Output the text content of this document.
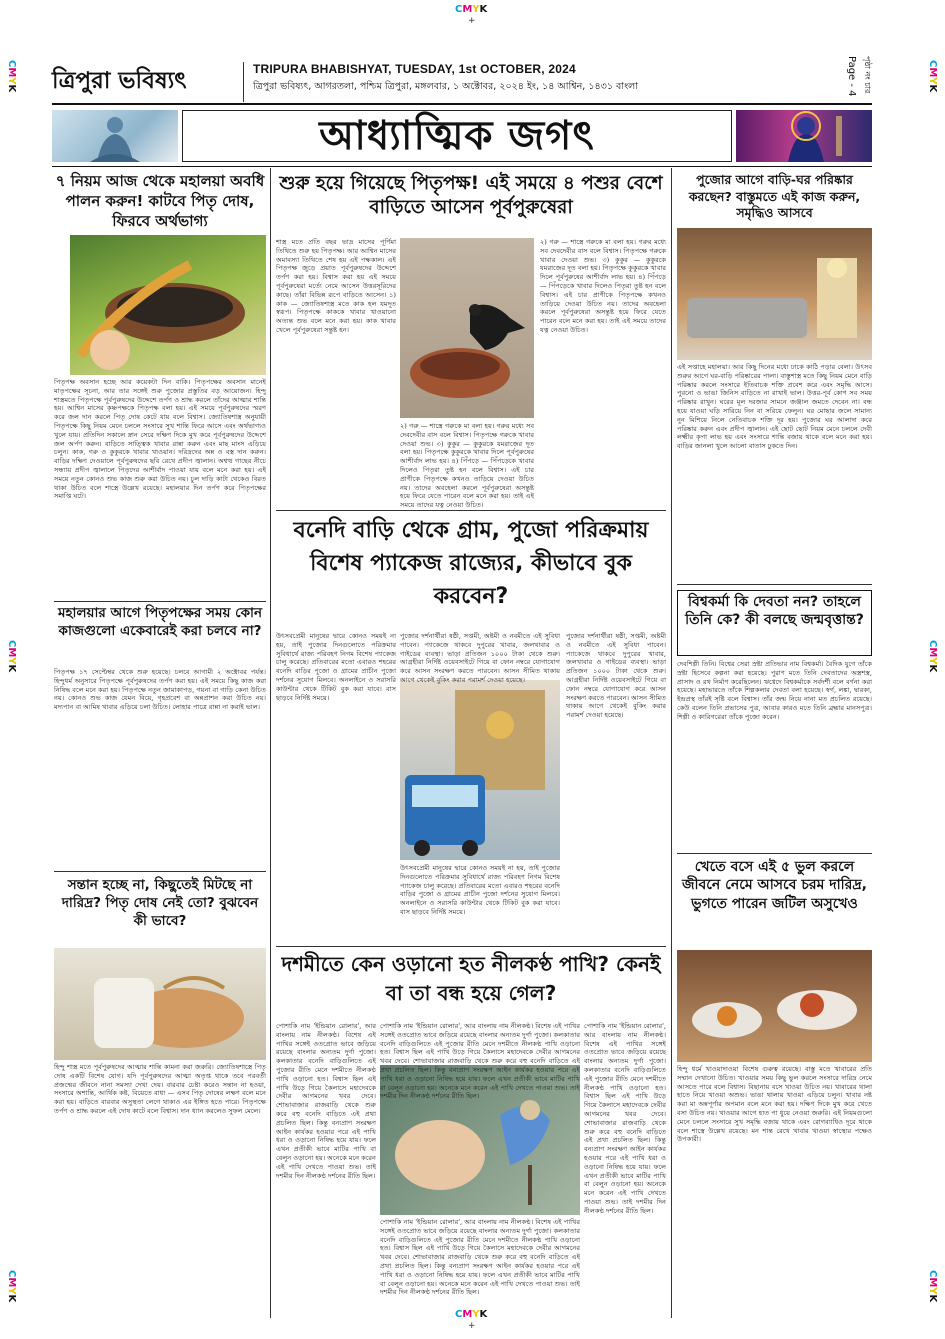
CMYK
+
CMYK
+
CMYK
CMYK
CMYK
CMYK
CMYK
CMYK
ত্রিপুরা ভবিষ্যৎ	TRIPURA BHABISHYAT, TUESDAY, 1st OCTOBER, 2024
ত্রিপুরা ভবিষ্যৎ, আগরতলা, পশ্চিম ত্রিপুরা, মঙ্গলবার, ১ অক্টোবর, ২০২৪ ইং, ১৪ আশ্বিন, ১৪৩১ বাংলা	Page - 4 পৃষ্ঠা নং চার
আধ্যাত্মিক জগৎ
৭ নিয়ম আজ থেকে মহালয়া অবধি পালন করুন! কাটবে পিতৃ দোষ, ফিরবে অর্থভাগ্য
পিতৃপক্ষ অবসান হচ্ছে আর কয়েকটা দিন বাকি। পিতৃপক্ষের অবসান মানেই মাতৃপক্ষের সূচনা, আর তার সঙ্গেই শুরু পুজোর প্রস্তুতির বড় আয়োজন। হিন্দু শাস্ত্রমতে পিতৃপক্ষে পূর্বপুরুষদের উদ্দেশে তর্পণ ও শ্রাদ্ধ করলে তাঁদের আত্মার শান্তি হয়। আশ্বিন মাসের কৃষ্ণপক্ষকে পিতৃপক্ষ বলা হয়। এই সময়ে পূর্বপুরুষদের স্মরণ করে জল দান করলে পিতৃ দোষ কেটে যায় বলে বিশ্বাস। জ্যোতিষশাস্ত্র অনুযায়ী পিতৃপক্ষে কিছু নিয়ম মেনে চললে সংসারে সুখ শান্তি ফিরে আসে এবং অর্থভাগ্যও খুলে যায়। প্রতিদিন সকালে স্নান সেরে দক্ষিণ দিকে মুখ করে পূর্বপুরুষদের উদ্দেশে জল অর্পণ করুন। বাড়িতে সাত্ত্বিক খাবার রান্না করুন এবং মাছ মাংস এড়িয়ে চলুন। কাক, গরু ও কুকুরকে খাবার খাওয়ান। দরিদ্রদের অন্ন ও বস্ত্র দান করুন। বাড়ির দক্ষিণ দেওয়ালে পূর্বপুরুষদের ছবি রেখে প্রদীপ জ্বালান। অশ্বত্থ গাছের নীচে সন্ধ্যায় প্রদীপ জ্বালালে পিতৃদের আশীর্বাদ পাওয়া যায় বলে মনে করা হয়। এই সময়ে নতুন কোনও শুভ কাজ শুরু করা উচিত নয়। চুল দাড়ি কাটা থেকেও বিরত থাকা উচিত বলে শাস্ত্রে উল্লেখ রয়েছে। মহালয়ার দিন তর্পণ করে পিতৃপক্ষের সমাপ্তি ঘটে।
মহালয়ার আগে পিতৃপক্ষের সময় কোন কাজগুলো একেবারেই করা চলবে না?
পিতৃপক্ষ ১৭ সেপ্টেম্বর থেকে শুরু হয়েছে। চলবে আগামী ২ অক্টোবর পর্যন্ত। হিন্দুধর্ম অনুসারে পিতৃপক্ষে পূর্বপুরুষদের তর্পণ করা হয়। এই সময়ে কিছু কাজ করা নিষিদ্ধ বলে মনে করা হয়। পিতৃপক্ষে নতুন জামাকাপড়, গয়না বা গাড়ি কেনা উচিত নয়। কোনও শুভ কাজ যেমন বিয়ে, গৃহপ্রবেশ বা অন্নপ্রাশন করা উচিত নয়। মদ্যপান বা আমিষ খাবার এড়িয়ে চলা উচিত। লোহার পাত্রে রান্না না করাই ভাল।
সন্তান হচ্ছে না, কিছুতেই মিটছে না দারিদ্র? পিতৃ দোষ নেই তো? বুঝবেন কী ভাবে?
হিন্দু শাস্ত্র মতে পূর্বপুরুষদের আত্মার শান্তি কামনা করা জরুরি। জ্যোতিষশাস্ত্রে পিতৃ দোষ একটি বিশেষ যোগ। যদি পূর্বপুরুষদের আত্মা অতৃপ্ত থাকে তবে পরবর্তী প্রজন্মের জীবনে নানা সমস্যা দেখা দেয়। বারবার চেষ্টা করেও সন্তান না হওয়া, সংসারে অশান্তি, আর্থিক কষ্ট, বিয়েতে বাধা — এসব পিতৃ দোষের লক্ষণ বলে মনে করা হয়। বাড়িতে বারবার অসুস্থতা লেগে থাকাও এর ইঙ্গিত হতে পারে। পিতৃপক্ষে তর্পণ ও শ্রাদ্ধ করলে এই দোষ কাটে বলে বিশ্বাস। দান ধ্যান করলেও সুফল মেলে।
শুরু হয়ে গিয়েছে পিতৃপক্ষ! এই সময়ে ৪ পশুর বেশে বাড়িতে আসেন পূর্বপুরুষেরা
শাস্ত্র মতে প্রতি বছর ভাদ্র মাসের পূর্ণিমা তিথিতে শুরু হয় পিতৃপক্ষ। আর আশ্বিন মাসের অমাবস্যা তিথিতে শেষ হয় এই পক্ষকাল। এই পিতৃপক্ষ জুড়ে প্রয়াত পূর্বপুরুষদের উদ্দেশে তর্পণ করা হয়। বিশ্বাস করা হয় এই সময়ে পূর্বপুরুষেরা মর্ত্যে নেমে আসেন উত্তরসূরিদের কাছে। তাঁরা বিভিন্ন রূপে বাড়িতে আসেন। ১) কাক — জ্যোতিষশাস্ত্র মতে কাক হল যমদূত স্বরূপ। পিতৃপক্ষে কাককে খাবার খাওয়ানো অত্যন্ত শুভ বলে মনে করা হয়। কাক খাবার খেলে পূর্বপুরুষেরা সন্তুষ্ট হন।
২) গরু — শাস্ত্রে গরুকে মা বলা হয়। গরুর মধ্যে সব দেবদেবীর বাস বলে বিশ্বাস। পিতৃপক্ষে গরুকে খাবার দেওয়া শুভ। ৩) কুকুর — কুকুরকে যমরাজের দূত বলা হয়। পিতৃপক্ষে কুকুরকে খাবার দিলে পূর্বপুরুষের আশীর্বাদ লাভ হয়। ৪) পিঁপড়ে — পিঁপড়েকে খাবার দিলেও পিতৃরা তুষ্ট হন বলে বিশ্বাস। এই চার প্রাণীকে পিতৃপক্ষে কখনও তাড়িয়ে দেওয়া উচিত নয়। তাদের অবহেলা করলে পূর্বপুরুষেরা অসন্তুষ্ট হয়ে ফিরে যেতে পারেন বলে মনে করা হয়। তাই এই সময়ে তাদের যত্ন নেওয়া উচিত।
২) গরু — শাস্ত্রে গরুকে মা বলা হয়। গরুর মধ্যে সব দেবদেবীর বাস বলে বিশ্বাস। পিতৃপক্ষে গরুকে খাবার দেওয়া শুভ। ৩) কুকুর — কুকুরকে যমরাজের দূত বলা হয়। পিতৃপক্ষে কুকুরকে খাবার দিলে পূর্বপুরুষের আশীর্বাদ লাভ হয়। ৪) পিঁপড়ে — পিঁপড়েকে খাবার দিলেও পিতৃরা তুষ্ট হন বলে বিশ্বাস। এই চার প্রাণীকে পিতৃপক্ষে কখনও তাড়িয়ে দেওয়া উচিত নয়। তাদের অবহেলা করলে পূর্বপুরুষেরা অসন্তুষ্ট হয়ে ফিরে যেতে পারেন বলে মনে করা হয়। তাই এই সময়ে তাদের যত্ন নেওয়া উচিত।
বনেদি বাড়ি থেকে গ্রাম, পুজো পরিক্রমায় বিশেষ প্যাকেজ রাজ্যের, কীভাবে বুক করবেন?
উৎসবপ্রেমী মানুষের দ্বারে কোনও সময়ই না হয়, তাই পুজোর দিনগুলোতে পরিক্রমার সুবিধার্থে রাজ্য পরিবহণ নিগম বিশেষ প্যাকেজ চালু করেছে। প্রতিবারের মতো এবারও শহরের বনেদি বাড়ির পুজো ও গ্রামের প্রাচীন পুজো দর্শনের সুযোগ মিলবে। অনলাইনে ও সরাসরি কাউন্টার থেকে টিকিট বুক করা যাবে। বাস ছাড়বে নির্দিষ্ট সময়ে।
পুজোর দর্শনার্থীরা ষষ্ঠী, সপ্তমী, অষ্টমী ও নবমীতে এই সুবিধা পাবেন। প্যাকেজে থাকবে দুপুরের খাবার, জলখাবার ও গাইডের ব্যবস্থা। ভাড়া প্রতিজন ১০০০ টাকা থেকে শুরু। আগ্রহীরা নির্দিষ্ট ওয়েবসাইটে গিয়ে বা ফোন নম্বরে যোগাযোগ করে আসন সংরক্ষণ করতে পারবেন। আসন সীমিত থাকায় আগে থেকেই বুকিং করার পরামর্শ দেওয়া হয়েছে।
উৎসবপ্রেমী মানুষের দ্বারে কোনও সময়ই না হয়, তাই পুজোর দিনগুলোতে পরিক্রমার সুবিধার্থে রাজ্য পরিবহণ নিগম বিশেষ প্যাকেজ চালু করেছে। প্রতিবারের মতো এবারও শহরের বনেদি বাড়ির পুজো ও গ্রামের প্রাচীন পুজো দর্শনের সুযোগ মিলবে। অনলাইনে ও সরাসরি কাউন্টার থেকে টিকিট বুক করা যাবে। বাস ছাড়বে নির্দিষ্ট সময়ে।
পুজোর দর্শনার্থীরা ষষ্ঠী, সপ্তমী, অষ্টমী ও নবমীতে এই সুবিধা পাবেন। প্যাকেজে থাকবে দুপুরের খাবার, জলখাবার ও গাইডের ব্যবস্থা। ভাড়া প্রতিজন ১০০০ টাকা থেকে শুরু। আগ্রহীরা নির্দিষ্ট ওয়েবসাইটে গিয়ে বা ফোন নম্বরে যোগাযোগ করে আসন সংরক্ষণ করতে পারবেন। আসন সীমিত থাকায় আগে থেকেই বুকিং করার পরামর্শ দেওয়া হয়েছে।
দশমীতে কেন ওড়ানো হত নীলকণ্ঠ পাখি? কেনই বা তা বন্ধ হয়ে গেল?
পোশাকি নাম 'ইন্ডিয়ান রোলার', আর বাংলায় নাম নীলকণ্ঠ। বিশেষ এই পাখির সঙ্গেই ওতপ্রোত ভাবে জড়িয়ে রয়েছে বাংলার অন্যতম দুর্গা পুজো। কলকাতার বনেদি বাড়িগুলিতে এই পুজোর রীতি মেনে দশমীতে নীলকণ্ঠ পাখি ওড়ানো হত। বিশ্বাস ছিল এই পাখি উড়ে গিয়ে কৈলাসে মহাদেবকে দেবীর আগমনের খবর দেবে। শোভাবাজার রাজবাড়ি থেকে শুরু করে বহু বনেদি বাড়িতে এই প্রথা প্রচলিত ছিল। কিন্তু বন্যপ্রাণ সংরক্ষণ আইন কার্যকর হওয়ার পরে এই পাখি ধরা ও ওড়ানো নিষিদ্ধ হয়ে যায়। ফলে এখন প্রতীকী ভাবে মাটির পাখি বা বেলুন ওড়ানো হয়। অনেকে মনে করেন এই পাখি দেখতে পাওয়া শুভ। তাই দশমীর দিন নীলকণ্ঠ দর্শনের রীতি ছিল।
পোশাকি নাম 'ইন্ডিয়ান রোলার', আর বাংলায় নাম নীলকণ্ঠ। বিশেষ এই পাখির সঙ্গেই ওতপ্রোত ভাবে জড়িয়ে রয়েছে বাংলার অন্যতম দুর্গা পুজো। কলকাতার বনেদি বাড়িগুলিতে এই পুজোর রীতি মেনে দশমীতে নীলকণ্ঠ পাখি ওড়ানো হত। বিশ্বাস ছিল এই পাখি উড়ে গিয়ে কৈলাসে মহাদেবকে দেবীর আগমনের খবর দেবে। শোভাবাজার রাজবাড়ি থেকে শুরু করে বহু বনেদি বাড়িতে এই প্রথা প্রচলিত ছিল। কিন্তু বন্যপ্রাণ সংরক্ষণ আইন কার্যকর হওয়ার পরে এই পাখি ধরা ও ওড়ানো নিষিদ্ধ হয়ে যায়। ফলে এখন প্রতীকী ভাবে মাটির পাখি বা বেলুন ওড়ানো হয়। অনেকে মনে করেন এই পাখি দেখতে পাওয়া শুভ। তাই দশমীর দিন নীলকণ্ঠ দর্শনের রীতি ছিল।
পোশাকি নাম 'ইন্ডিয়ান রোলার', আর বাংলায় নাম নীলকণ্ঠ। বিশেষ এই পাখির সঙ্গেই ওতপ্রোত ভাবে জড়িয়ে রয়েছে বাংলার অন্যতম দুর্গা পুজো। কলকাতার বনেদি বাড়িগুলিতে এই পুজোর রীতি মেনে দশমীতে নীলকণ্ঠ পাখি ওড়ানো হত। বিশ্বাস ছিল এই পাখি উড়ে গিয়ে কৈলাসে মহাদেবকে দেবীর আগমনের খবর দেবে। শোভাবাজার রাজবাড়ি থেকে শুরু করে বহু বনেদি বাড়িতে এই প্রথা প্রচলিত ছিল। কিন্তু বন্যপ্রাণ সংরক্ষণ আইন কার্যকর হওয়ার পরে এই পাখি ধরা ও ওড়ানো নিষিদ্ধ হয়ে যায়। ফলে এখন প্রতীকী ভাবে মাটির পাখি বা বেলুন ওড়ানো হয়। অনেকে মনে করেন এই পাখি দেখতে পাওয়া শুভ। তাই দশমীর দিন নীলকণ্ঠ দর্শনের রীতি ছিল।
পোশাকি নাম 'ইন্ডিয়ান রোলার', আর বাংলায় নাম নীলকণ্ঠ। বিশেষ এই পাখির সঙ্গেই ওতপ্রোত ভাবে জড়িয়ে রয়েছে বাংলার অন্যতম দুর্গা পুজো। কলকাতার বনেদি বাড়িগুলিতে এই পুজোর রীতি মেনে দশমীতে নীলকণ্ঠ পাখি ওড়ানো হত। বিশ্বাস ছিল এই পাখি উড়ে গিয়ে কৈলাসে মহাদেবকে দেবীর আগমনের খবর দেবে। শোভাবাজার রাজবাড়ি থেকে শুরু করে বহু বনেদি বাড়িতে এই প্রথা প্রচলিত ছিল। কিন্তু বন্যপ্রাণ সংরক্ষণ আইন কার্যকর হওয়ার পরে এই পাখি ধরা ও ওড়ানো নিষিদ্ধ হয়ে যায়। ফলে এখন প্রতীকী ভাবে মাটির পাখি বা বেলুন ওড়ানো হয়। অনেকে মনে করেন এই পাখি দেখতে পাওয়া শুভ। তাই দশমীর দিন নীলকণ্ঠ দর্শনের রীতি ছিল।
পুজোর আগে বাড়ি-ঘর পরিষ্কার করছেন? বাস্তুমতে এই কাজ করুন, সমৃদ্ধিও আসবে
এই সপ্তাহে মহালয়া। আর কিছু দিনের মধ্যে ঢাকে কাঠি পড়ার বেলা। উৎসব শুরুর আগে ঘর-বাড়ি পরিষ্কারের পালা। বাস্তুশাস্ত্র মতে কিছু নিয়ম মেনে বাড়ি পরিষ্কার করলে সংসারে ইতিবাচক শক্তি প্রবেশ করে এবং সমৃদ্ধি আসে। পুরনো ও ভাঙা জিনিস বাড়িতে না রাখাই ভাল। উত্তর-পূর্ব কোণ সব সময় পরিষ্কার রাখুন। ঘরের মূল দরজার সামনে জঞ্জাল জমতে দেবেন না। বন্ধ হয়ে যাওয়া ঘড়ি সারিয়ে নিন বা সরিয়ে ফেলুন। ঘর মোছার জলে সামান্য নুন মিশিয়ে নিলে নেতিবাচক শক্তি দূর হয়। পুজোর ঘর আলাদা করে পরিষ্কার করুন এবং প্রদীপ জ্বালান। এই ছোট ছোট নিয়ম মেনে চললে দেবী লক্ষ্মীর কৃপা লাভ হয় এবং সংসারে শান্তি বজায় থাকে বলে মনে করা হয়। বাড়ির জানলা খুলে আলো বাতাস ঢুকতে দিন।
বিশ্বকর্মা কি দেবতা নন? তাহলে তিনি কে? কী বলছে জন্মবৃত্তান্ত?
দেবশিল্পী তিনি। বিশ্বের সেরা স্রষ্টা প্রতিভার নাম বিশ্বকর্মা। বৈদিক যুগে তাঁকে স্রষ্টা হিসেবে কল্পনা করা হয়েছে। পুরাণ মতে তিনি দেবতাদের অস্ত্রশস্ত্র, প্রাসাদ ও রথ নির্মাণ করেছিলেন। ঋগ্বেদে বিশ্বকর্মাকে সর্বদর্শী বলে বর্ণনা করা হয়েছে। মহাভারতে তাঁকে শিল্পকলার দেবতা বলা হয়েছে। স্বর্গ, লঙ্কা, দ্বারকা, ইন্দ্রপ্রস্থ তাঁরই সৃষ্টি বলে বিশ্বাস। তাঁর জন্ম নিয়ে নানা মত প্রচলিত রয়েছে। কেউ বলেন তিনি প্রভাসের পুত্র, আবার কারও মতে তিনি ব্রহ্মার মানসপুত্র। শিল্পী ও কারিগরেরা তাঁকে পুজো করেন।
খেতে বসে এই ৫ ভুল করলে জীবনে নেমে আসবে চরম দারিদ্র, ভুগতে পারেন জটিল অসুখেও
হিন্দু ধর্মে খাওয়াদাওয়া বিশেষ গুরুত্ব রয়েছে। বাস্তু মতে খাবারের প্রতি সম্মান দেখানো উচিত। খাওয়ার সময় কিছু ভুল করলে সংসারে দারিদ্র নেমে আসতে পারে বলে বিশ্বাস। বিছানায় বসে খাওয়া উচিত নয়। খাবারের থালা হাতে নিয়ে খাওয়া অশুভ। ভাঙা থালায় খাওয়া এড়িয়ে চলুন। খাবার নষ্ট করা মা অন্নপূর্ণার অপমান বলে মনে করা হয়। দক্ষিণ দিকে মুখ করে খেতে বসা উচিত নয়। খাওয়ার আগে হাত পা ধুয়ে নেওয়া জরুরি। এই নিয়মগুলো মেনে চললে সংসারে সুখ সমৃদ্ধি বজায় থাকে এবং রোগব্যাধিও দূরে থাকে বলে শাস্ত্রে উল্লেখ রয়েছে। মন শান্ত রেখে খাবার খাওয়া স্বাস্থ্যের পক্ষেও উপকারী।
